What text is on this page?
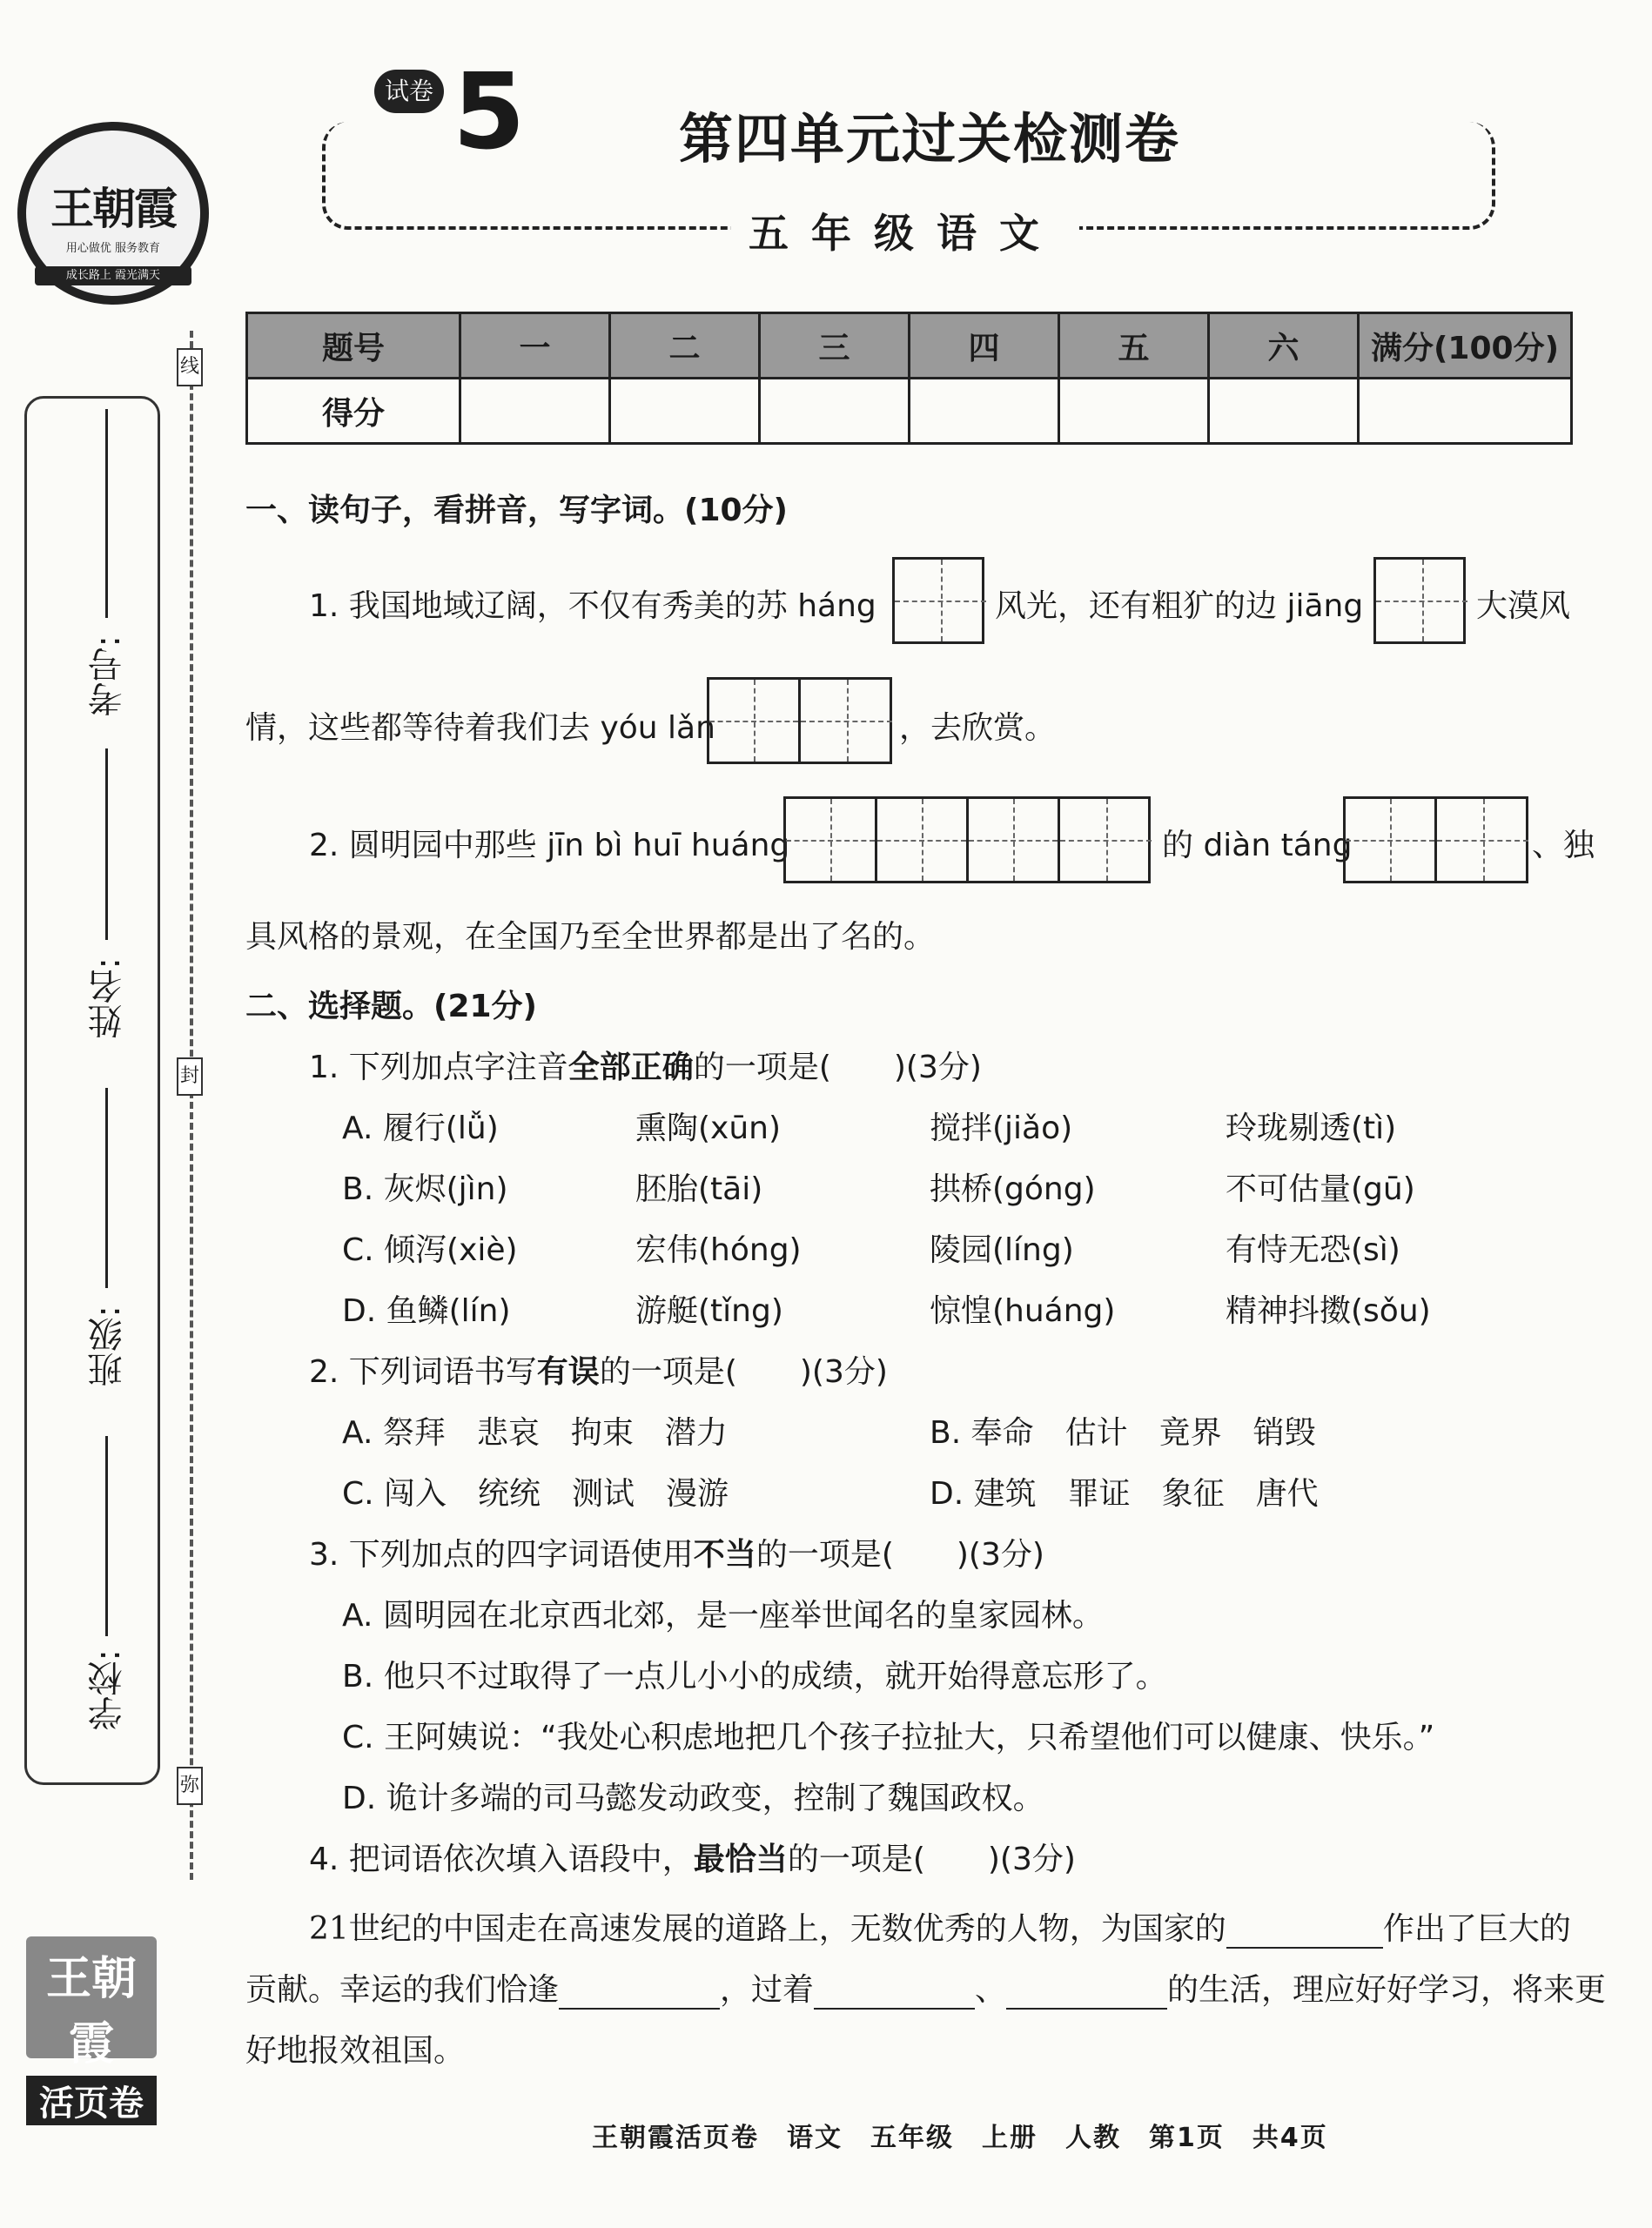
王朝霞
用心做优 服务教育
成长路上 霞光满天
线
封
弥
考号:
姓名:
班级:
学校:
王朝霞
活页卷
试卷 5	第四单元过关检测卷
五年级语文
题号	一	二	三	四	五	六	满分(100分)
得分							
一、读句子，看拼音，写字词。(10分)
1. 我国地域辽阔，不仅有秀美的苏 háng	风光，还有粗犷的边 jiāng	大漠风
情，这些都等待着我们去 yóu lǎn	，去欣赏。
2. 圆明园中那些 jīn bì huī huáng	的 diàn táng	、独
具风格的景观，在全国乃至全世界都是出了名的。
二、选择题。(21分)
1. 下列加点字注音全部正确的一项是(　　)(3分)
A. 履行(lǚ)	熏陶(xūn)	搅拌(jiǎo)	玲珑剔透(tì)
B. 灰烬(jìn)	胚胎(tāi)	拱桥(góng)	不可估量(gū)
C. 倾泻(xiè)	宏伟(hóng)	陵园(líng)	有恃无恐(sì)
D. 鱼鳞(lín)	游艇(tǐng)	惊惶(huáng)	精神抖擞(sǒu)
2. 下列词语书写有误的一项是(　　)(3分)
A. 祭拜　悲哀　拘束　潜力	B. 奉命　估计　竟界　销毁
C. 闯入　统统　测试　漫游	D. 建筑　罪证　象征　唐代
3. 下列加点的四字词语使用不当的一项是(　　)(3分)
A. 圆明园在北京西北郊，是一座举世闻名的皇家园林。
B. 他只不过取得了一点儿小小的成绩，就开始得意忘形了。
C. 王阿姨说：“我处心积虑地把几个孩子拉扯大，只希望他们可以健康、快乐。”
D. 诡计多端的司马懿发动政变，控制了魏国政权。
4. 把词语依次填入语段中，最恰当的一项是(　　)(3分)
21世纪的中国走在高速发展的道路上，无数优秀的人物，为国家的	作出了巨大的
贡献。幸运的我们恰逢	，过着	、	的生活，理应好好学习，将来更
好地报效祖国。
王朝霞活页卷　语文　五年级　上册　人教　第1页　共4页
